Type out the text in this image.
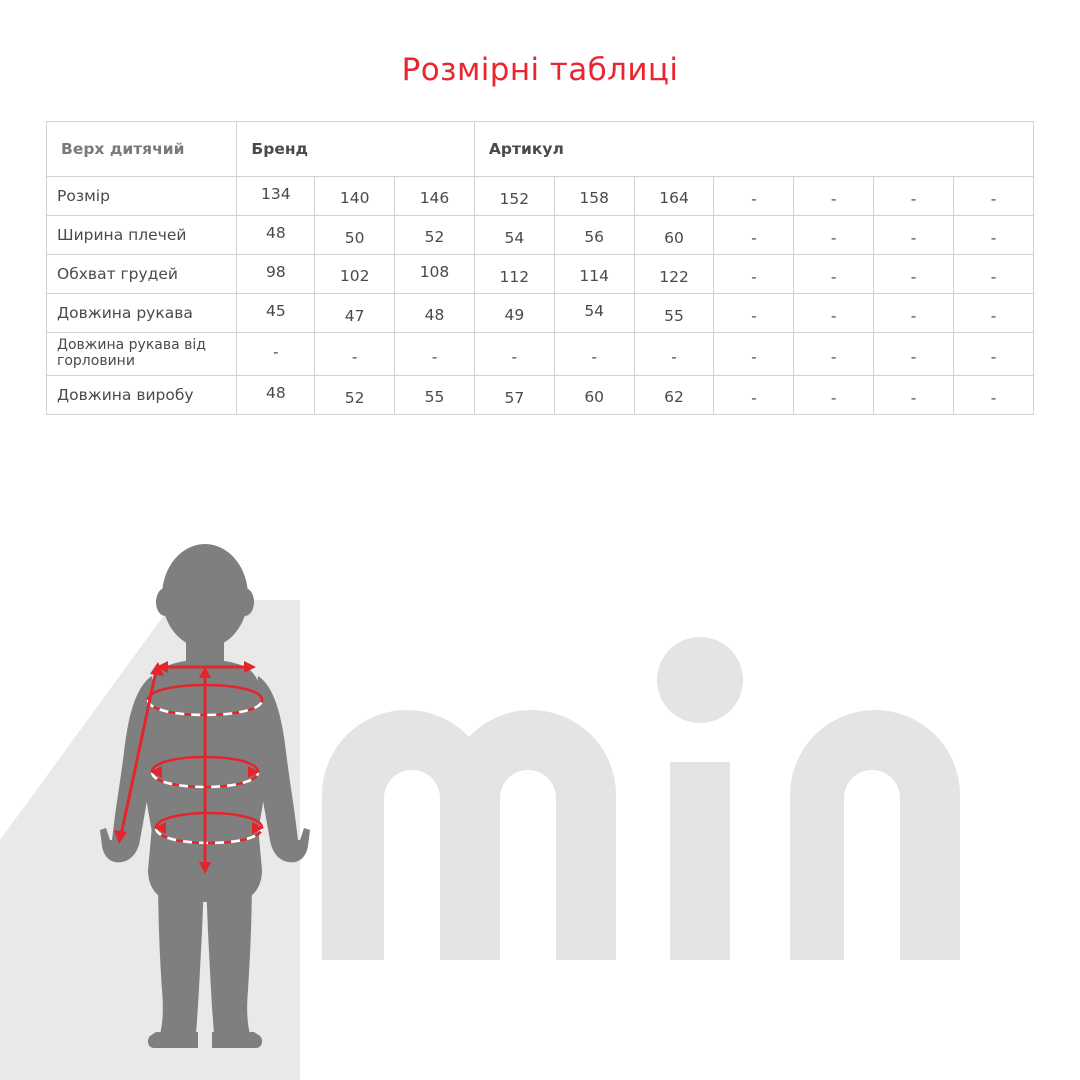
Розмірні таблиці
Верх дитячий	Бренд			Артикул						
Розмір	134	140	146	152	158	164	-	-	-	-
Ширина плечей	48	50	52	54	56	60	-	-	-	-
Обхват грудей	98	102	108	112	114	122	-	-	-	-
Довжина рукава	45	47	48	49	54	55	-	-	-	-
Довжина рукава від горловини	-	-	-	-	-	-	-	-	-	-
Довжина виробу	48	52	55	57	60	62	-	-	-	-
